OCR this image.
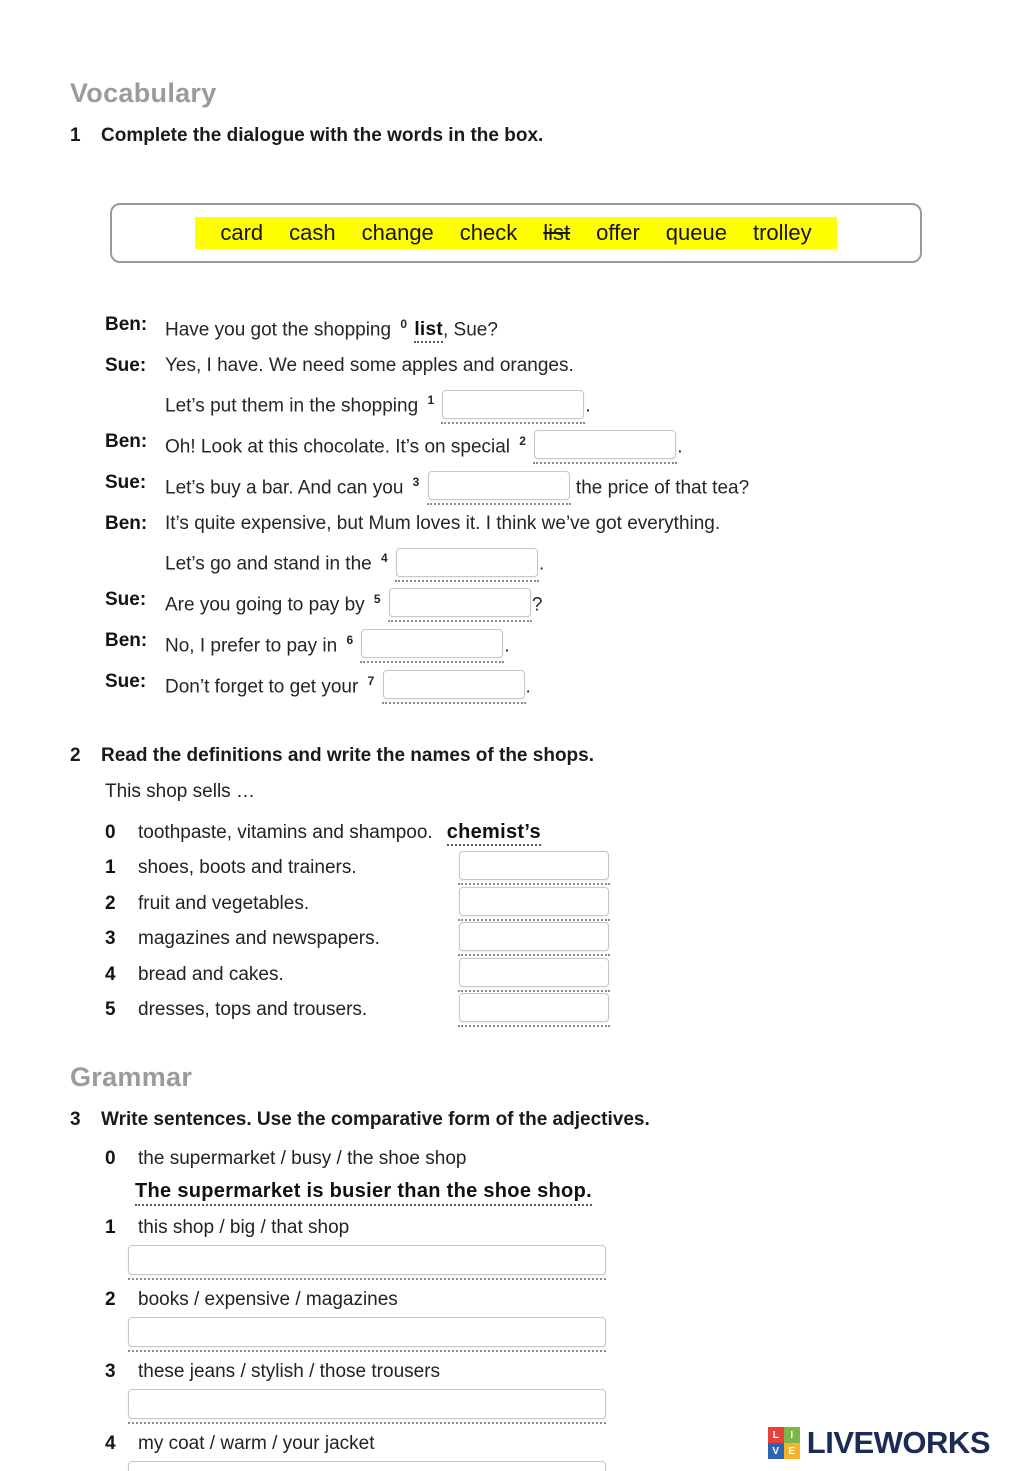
Vocabulary
1	Complete the dialogue with the words in the box.
card cash change check list offer queue trolley
Ben: Have you got the shopping $^0$ list, Sue?
Sue: Yes, I have. We need some apples and oranges.
Let’s put them in the shopping $^1$	.
Ben: Oh! Look at this chocolate. It’s on special $^2$	.
Sue: Let’s buy a bar. And can you $^3$	the price of that tea?
Ben: It’s quite expensive, but Mum loves it. I think we’ve got everything.
Let’s go and stand in the $^4$	.
Sue: Are you going to pay by $^5$	?
Ben: No, I prefer to pay in $^6$	.
Sue: Don’t forget to get your $^7$	.
2	Read the definitions and write the names of the shops.
This shop sells …
0 toothpaste, vitamins and shampoo. chemist’s
1 shoes, boots and trainers.
2 fruit and vegetables.
3 magazines and newspapers.
4 bread and cakes.
5 dresses, tops and trousers.
Grammar
3	Write sentences. Use the comparative form of the adjectives.
0 the supermarket / busy / the shoe shop
The supermarket is busier than the shoe shop.
1 this shop / big / that shop
2 books / expensive / magazines
3 these jeans / stylish / those trousers
4 my coat / warm / your jacket	L	I
V E LIVEWORKS
